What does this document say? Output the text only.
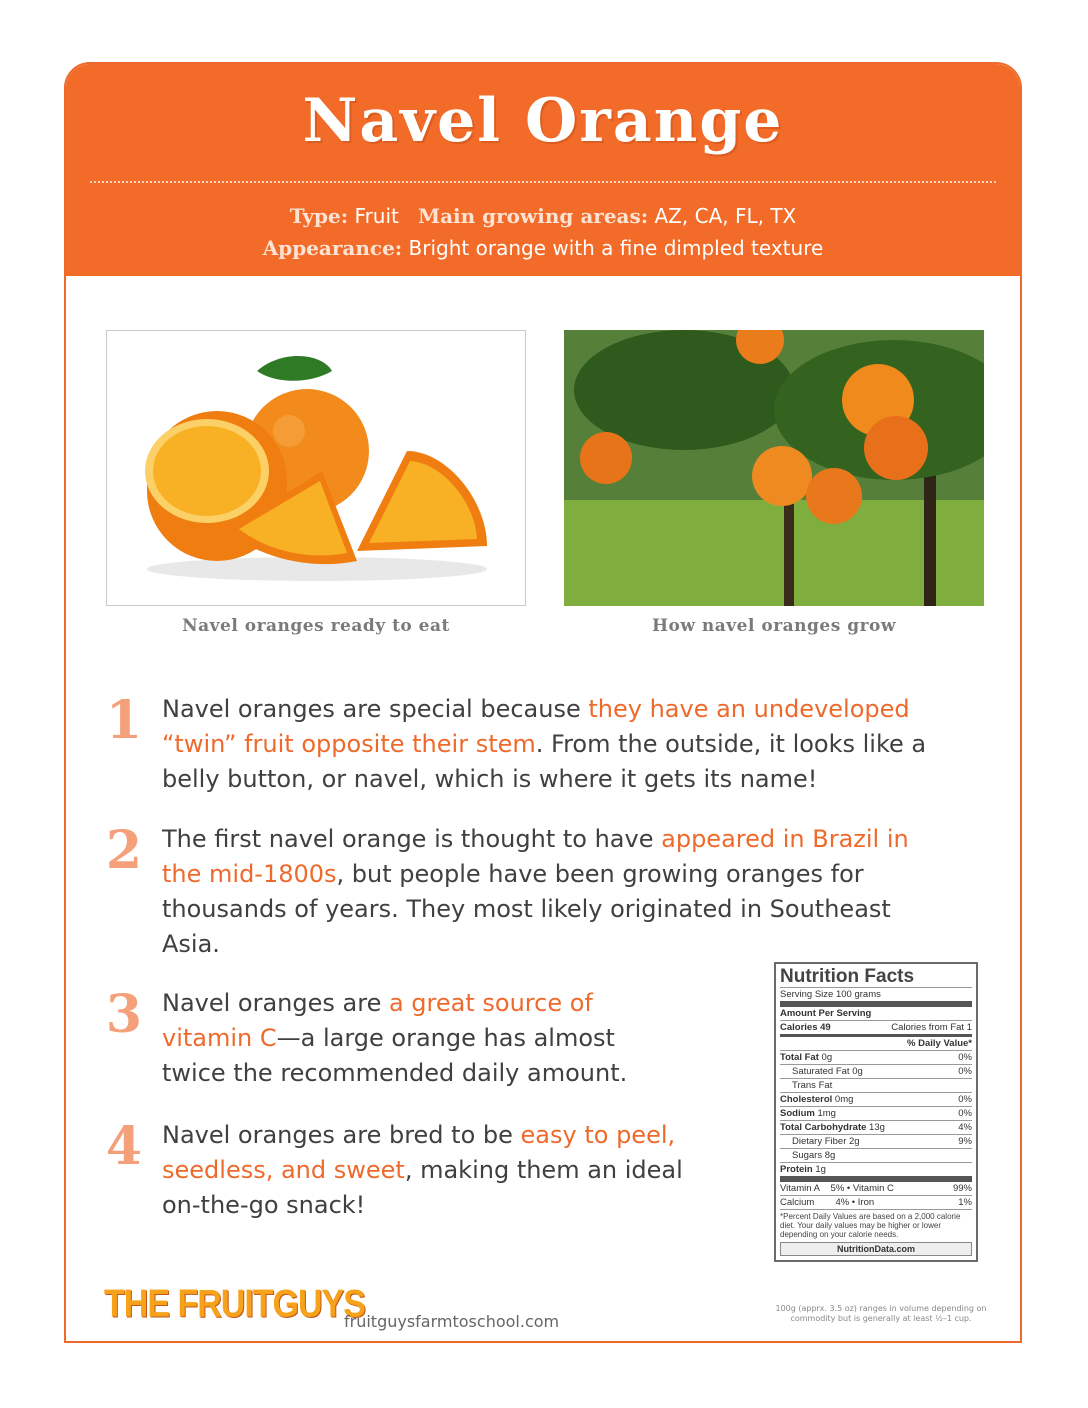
Navel Orange
Type: Fruit Main growing areas: AZ, CA, FL, TX
Appearance: Bright orange with a fine dimpled texture
Navel oranges ready to eat	How navel oranges grow
1 Navel oranges are special because they have an undeveloped “twin” fruit opposite their stem. From the outside, it looks like a belly button, or navel, which is where it gets its name!
2 The first navel orange is thought to have appeared in Brazil in the mid-1800s, but people have been growing oranges for thousands of years. They most likely originated in Southeast Asia.
3 Navel oranges are a great source of vitamin C—a large orange has almost twice the recommended daily amount.
4 Navel oranges are bred to be easy to peel, seedless, and sweet, making them an ideal on-the-go snack!
Nutrition Facts
Serving Size 100 grams
Amount Per Serving
Calories 49	Calories from Fat 1
% Daily Value*
Total Fat 0g	0%
Saturated Fat 0g	0%
Trans Fat
Cholesterol 0mg	0%
Sodium 1mg	0%
Total Carbohydrate 13g	4%
Dietary Fiber 2g	9%
Sugars 8g
Protein 1g
Vitamin A 5% • Vitamin C	99%
Calcium 4% • Iron	1%
*Percent Daily Values are based on a 2,000 calorie diet. Your daily values may be higher or lower depending on your calorie needs.
NutritionData.com
100g (apprx. 3.5 oz) ranges in volume depending on commodity but is generally at least ½–1 cup.
THE FRUITGUYS
fruitguysfarmtoschool.com
